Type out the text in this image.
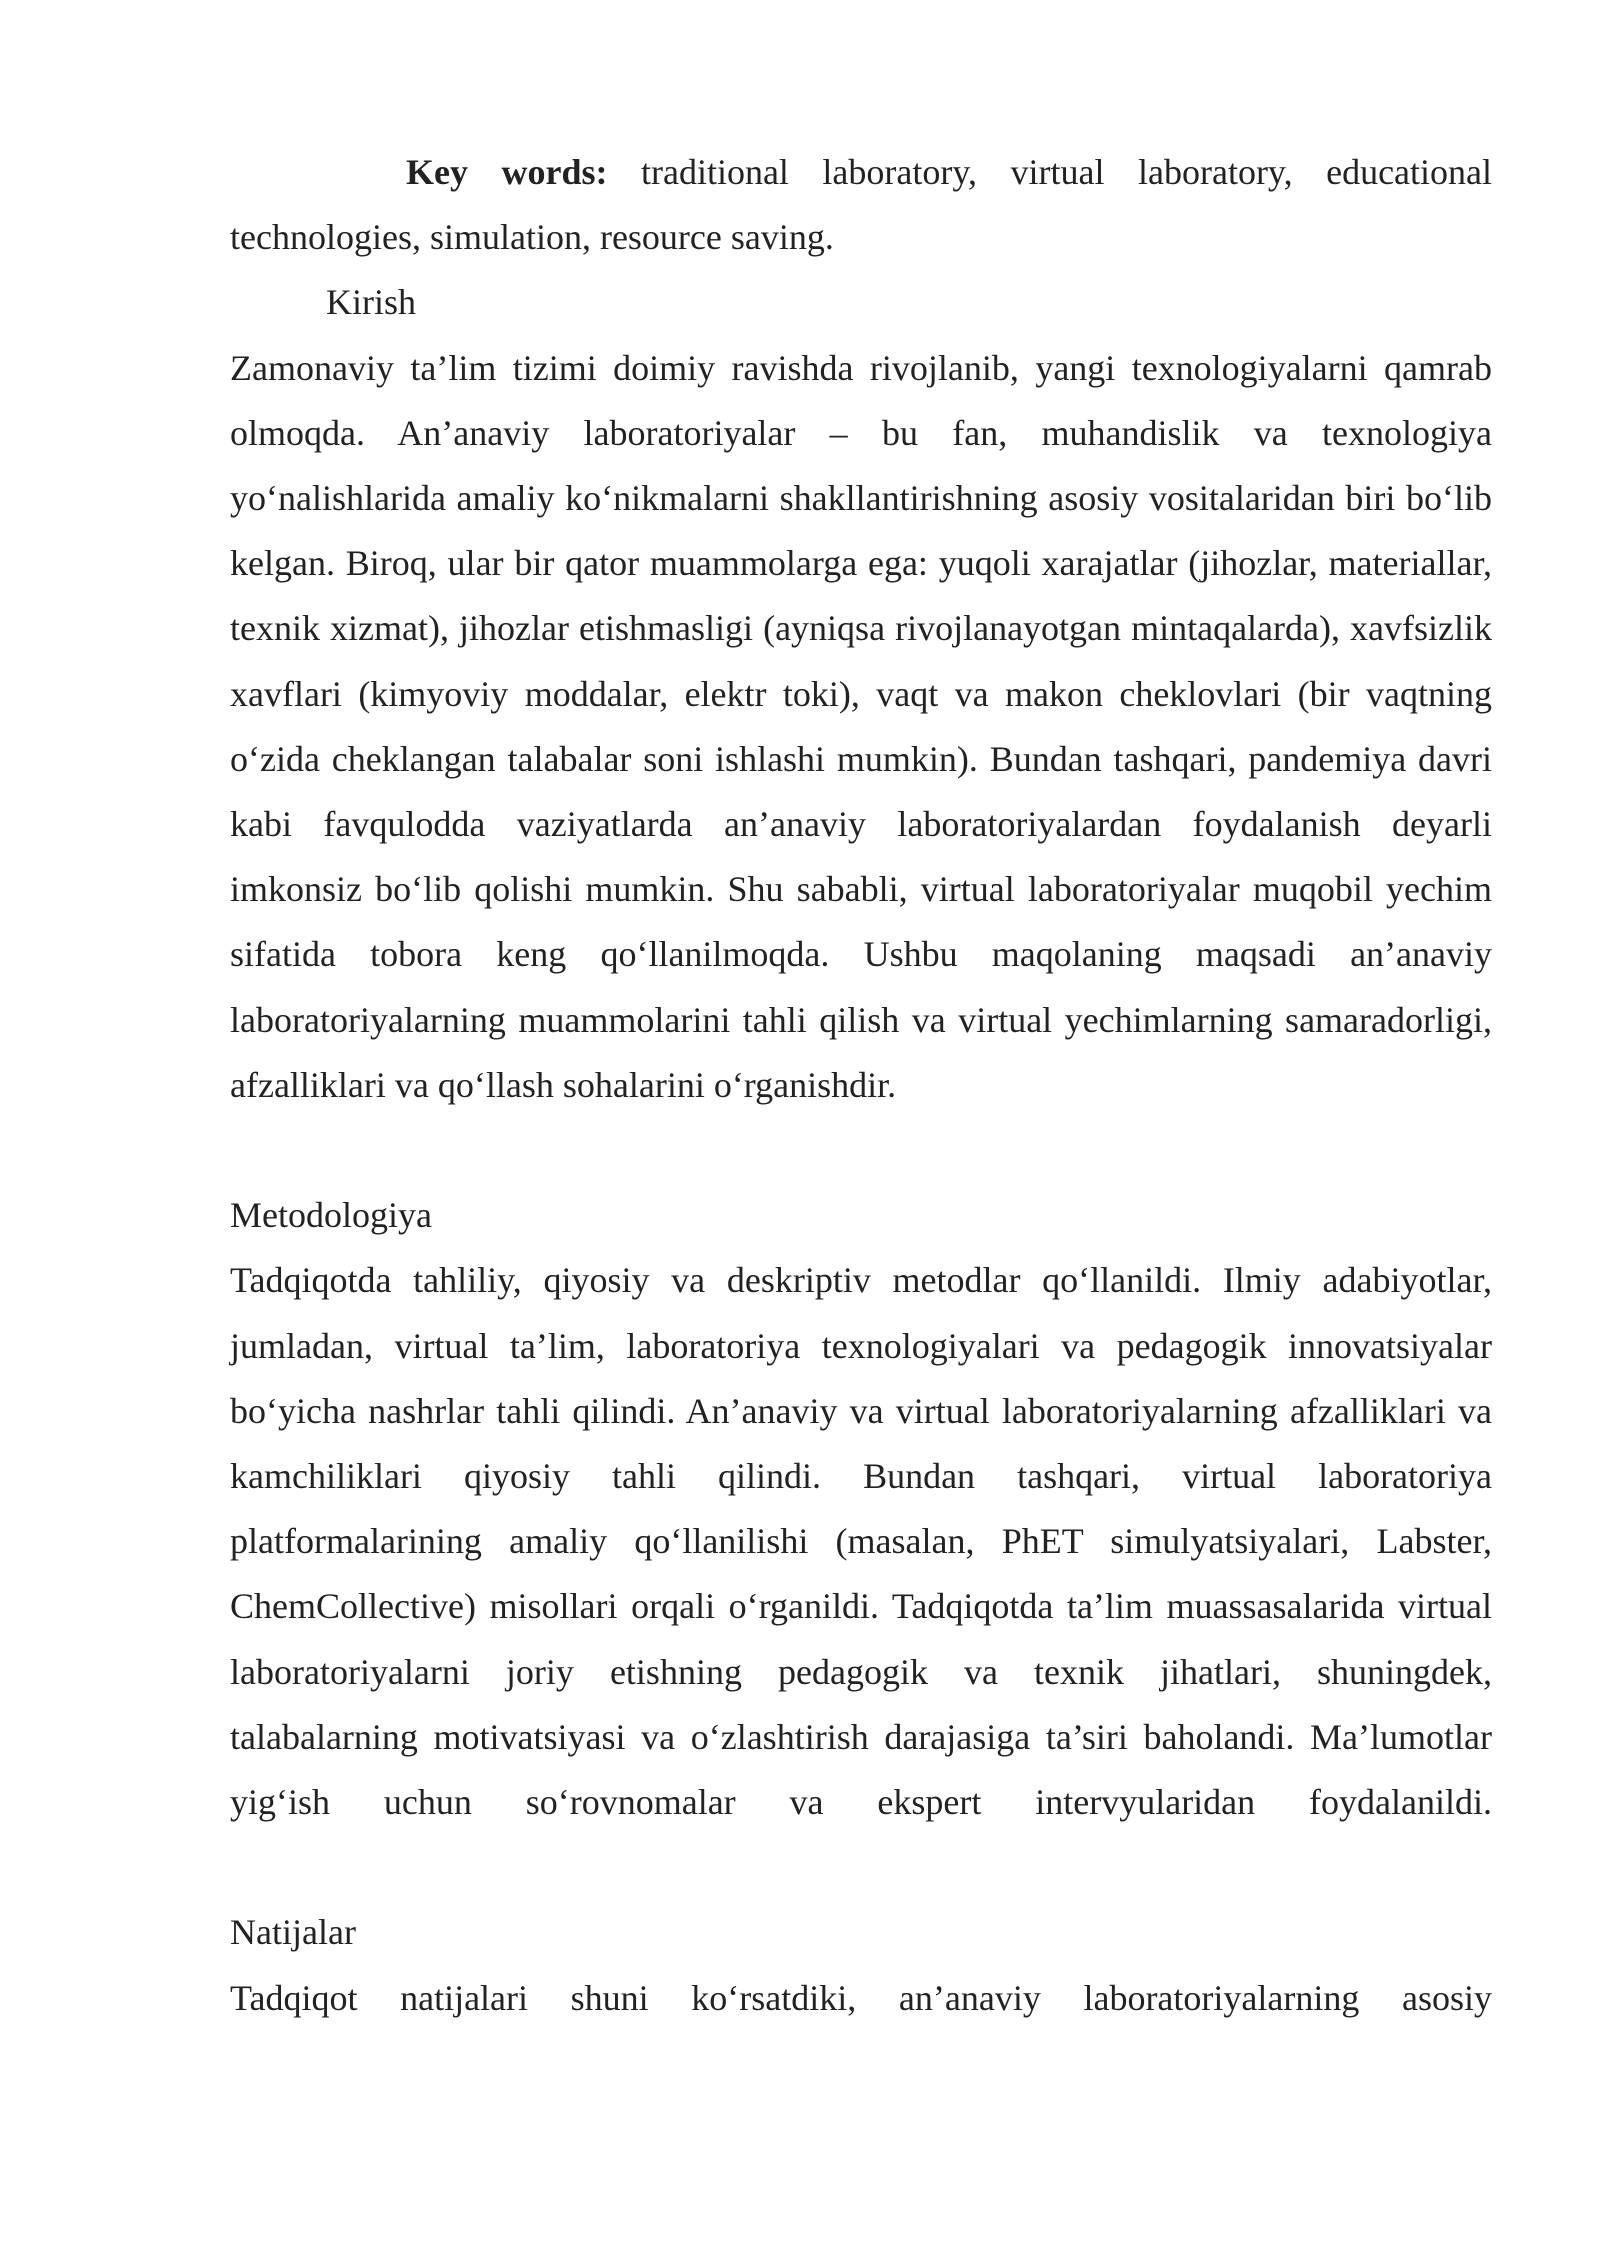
Key words: traditional laboratory, virtual laboratory, educational technologies, simulation, resource saving.

Kirish

Zamonaviy ta’lim tizimi doimiy ravishda rivojlanib, yangi texnologiyalarni qamrab olmoqda. An’anaviy laboratoriyalar – bu fan, muhandislik va texnologiya yo‘nalishlarida amaliy ko‘nikmalarni shakllantirishning asosiy vositalaridan biri bo‘lib kelgan. Biroq, ular bir qator muammolarga ega: yuqoli xarajatlar (jihozlar, materiallar, texnik xizmat), jihozlar etishmasligi (ayniqsa rivojlanayotgan mintaqalarda), xavfsizlik xavflari (kimyoviy moddalar, elektr toki), vaqt va makon cheklovlari (bir vaqtning o‘zida cheklangan talabalar soni ishlashi mumkin). Bundan tashqari, pandemiya davri kabi favqulodda vaziyatlarda an’anaviy laboratoriyalardan foydalanish deyarli imkonsiz bo‘lib qolishi mumkin. Shu sababli, virtual laboratoriyalar muqobil yechim sifatida tobora keng qo‘llanilmoqda. Ushbu maqolaning maqsadi an’anaviy laboratoriyalarning muammolarini tahli qilish va virtual yechimlarning samaradorligi, afzalliklari va qo‘llash sohalarini o‘rganishdir.

Metodologiya

Tadqiqotda tahliliy, qiyosiy va deskriptiv metodlar qo‘llanildi. Ilmiy adabiyotlar, jumladan, virtual ta’lim, laboratoriya texnologiyalari va pedagogik innovatsiyalar bo‘yicha nashrlar tahli qilindi. An’anaviy va virtual laboratoriyalarning afzalliklari va kamchiliklari qiyosiy tahli qilindi. Bundan tashqari, virtual laboratoriya platformalarining amaliy qo‘llanilishi (masalan, PhET simulyatsiyalari, Labster, ChemCollective) misollari orqali o‘rganildi. Tadqiqotda ta’lim muassasalarida virtual laboratoriyalarni joriy etishning pedagogik va texnik jihatlari, shuningdek, talabalarning motivatsiyasi va o‘zlashtirish darajasiga ta’siri baholandi. Ma’lumotlar yig‘ish uchun so‘rovnomalar va ekspert intervyularidan foydalanildi.

Natijalar

Tadqiqot natijalari shuni ko‘rsatdiki, an’anaviy laboratoriyalarning asosiy
